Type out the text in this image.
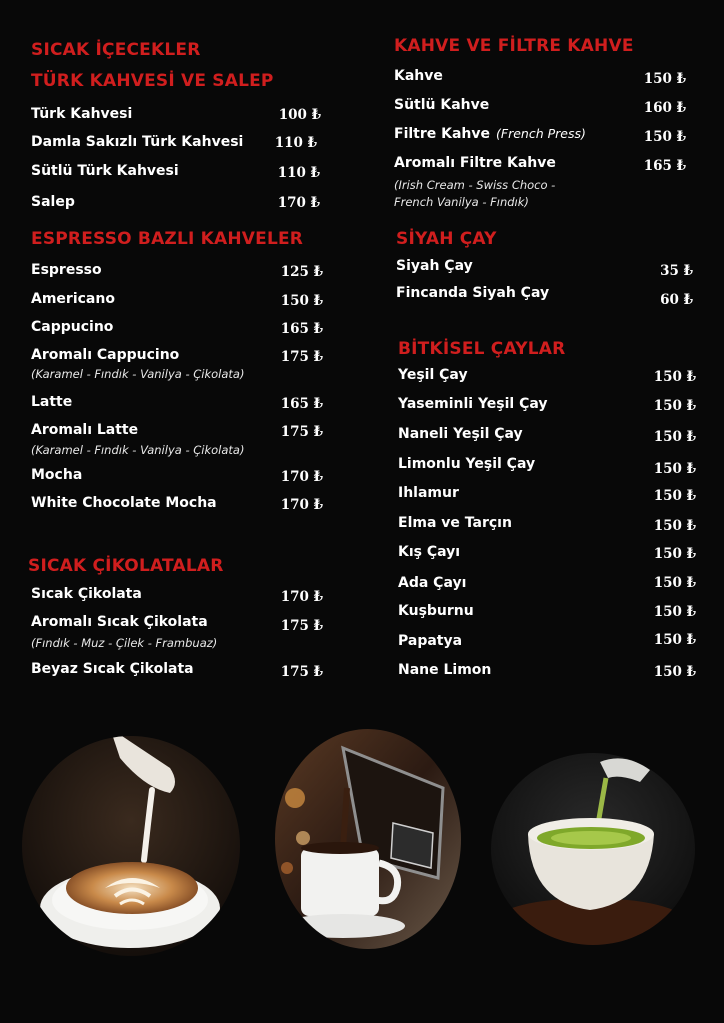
SICAK İÇECEKLER
TÜRK KAHVESİ VE SALEP
Türk Kahvesi	100 ₺
Damla Sakızlı Türk Kahvesi 110 ₺
Sütlü Türk Kahvesi	110 ₺
Salep	170 ₺
ESPRESSO BAZLI KAHVELER
Espresso	125 ₺
Americano	150 ₺
Cappucino	165 ₺
Aromalı Cappucino	175 ₺
(Karamel - Fındık - Vanilya - Çikolata)
Latte	165 ₺
Aromalı Latte	175 ₺
(Karamel - Fındık - Vanilya - Çikolata)
Mocha	170 ₺
White Chocolate Mocha	170 ₺
SICAK ÇİKOLATALAR
Sıcak Çikolata	170 ₺
Aromalı Sıcak Çikolata	175 ₺
(Fındık - Muz - Çilek - Frambuaz)
Beyaz Sıcak Çikolata	175 ₺
KAHVE VE FİLTRE KAHVE
Kahve	150 ₺
Sütlü Kahve	160 ₺
Filtre Kahve (French Press)	150 ₺
Aromalı Filtre Kahve	165 ₺
(Irish Cream - Swiss Choco -
French Vanilya - Fındık)
SİYAH ÇAY
Siyah Çay	35 ₺
Fincanda Siyah Çay	60 ₺
BİTKİSEL ÇAYLAR
Yeşil Çay	150 ₺
Yaseminli Yeşil Çay	150 ₺
Naneli Yeşil Çay	150 ₺
Limonlu Yeşil Çay	150 ₺
Ihlamur	150 ₺
Elma ve Tarçın	150 ₺
Kış Çayı	150 ₺
Ada Çayı	150 ₺
Kuşburnu	150 ₺
Papatya	150 ₺
Nane Limon	150 ₺
